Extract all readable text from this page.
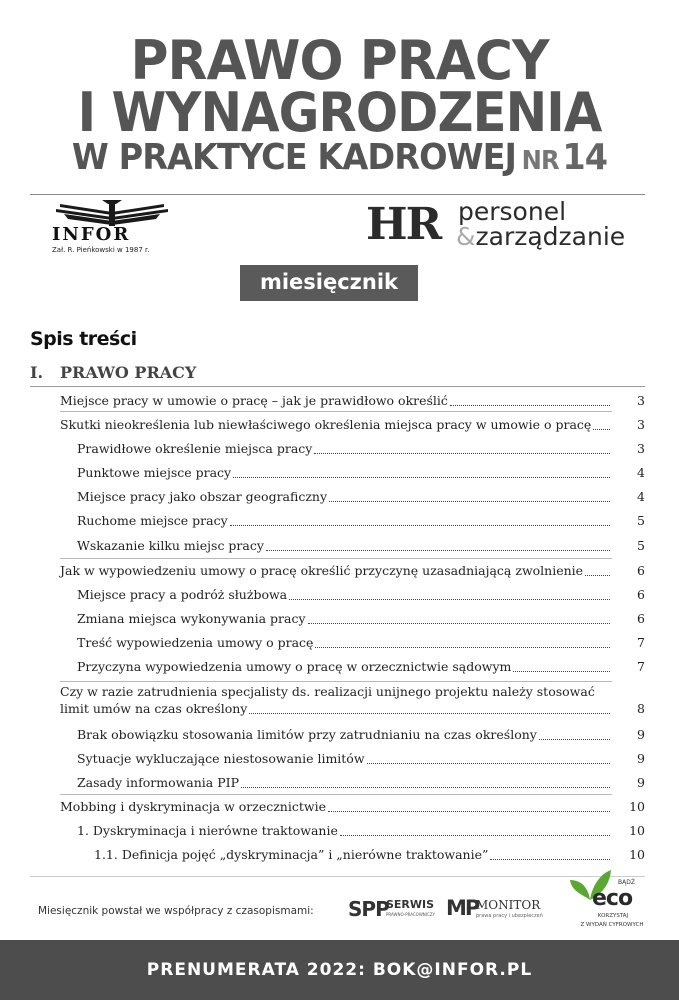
PRAWO PRACY
I WYNAGRODZENIA
W PRAKTYCE KADROWEJ NR 14
INFOR
Zał. R. Pieńkowski w 1987 r.	HR personel
&zarządzanie
miesięcznik
Spis treści
I. PRAWO PRACY
Miejsce pracy w umowie o pracę – jak je prawidłowo określić	3
Skutki nieokreślenia lub niewłaściwego określenia miejsca pracy w umowie o pracę	3
Prawidłowe określenie miejsca pracy	3
Punktowe miejsce pracy	4
Miejsce pracy jako obszar geograficzny	4
Ruchome miejsce pracy	5
Wskazanie kilku miejsc pracy	5
Jak w wypowiedzeniu umowy o pracę określić przyczynę uzasadniającą zwolnienie	6
Miejsce pracy a podróż służbowa	6
Zmiana miejsca wykonywania pracy	6
Treść wypowiedzenia umowy o pracę	7
Przyczyna wypowiedzenia umowy o pracę w orzecznictwie sądowym	7
Czy w razie zatrudnienia specjalisty ds. realizacji unijnego projektu należy stosować
limit umów na czas określony	8
Brak obowiązku stosowania limitów przy zatrudnianiu na czas określony	9
Sytuacje wykluczające niestosowanie limitów	9
Zasady informowania PIP	9
Mobbing i dyskryminacja w orzecznictwie	10
1. Dyskryminacja i nierówne traktowanie	10
1.1. Definicja pojęć „dyskryminacja” i „nierówne traktowanie”	10
Miesięcznik powstał we współpracy z czasopismami: SPP
SERWIS
PRAWNO-PRACOWNICZY MP
MONITOR
prawa pracy i ubezpieczeń
BĄDŹ
eco
KORZYSTAJ
Z WYDAŃ CYFROWYCH
PRENUMERATA 2022: BOK@INFOR.PL
